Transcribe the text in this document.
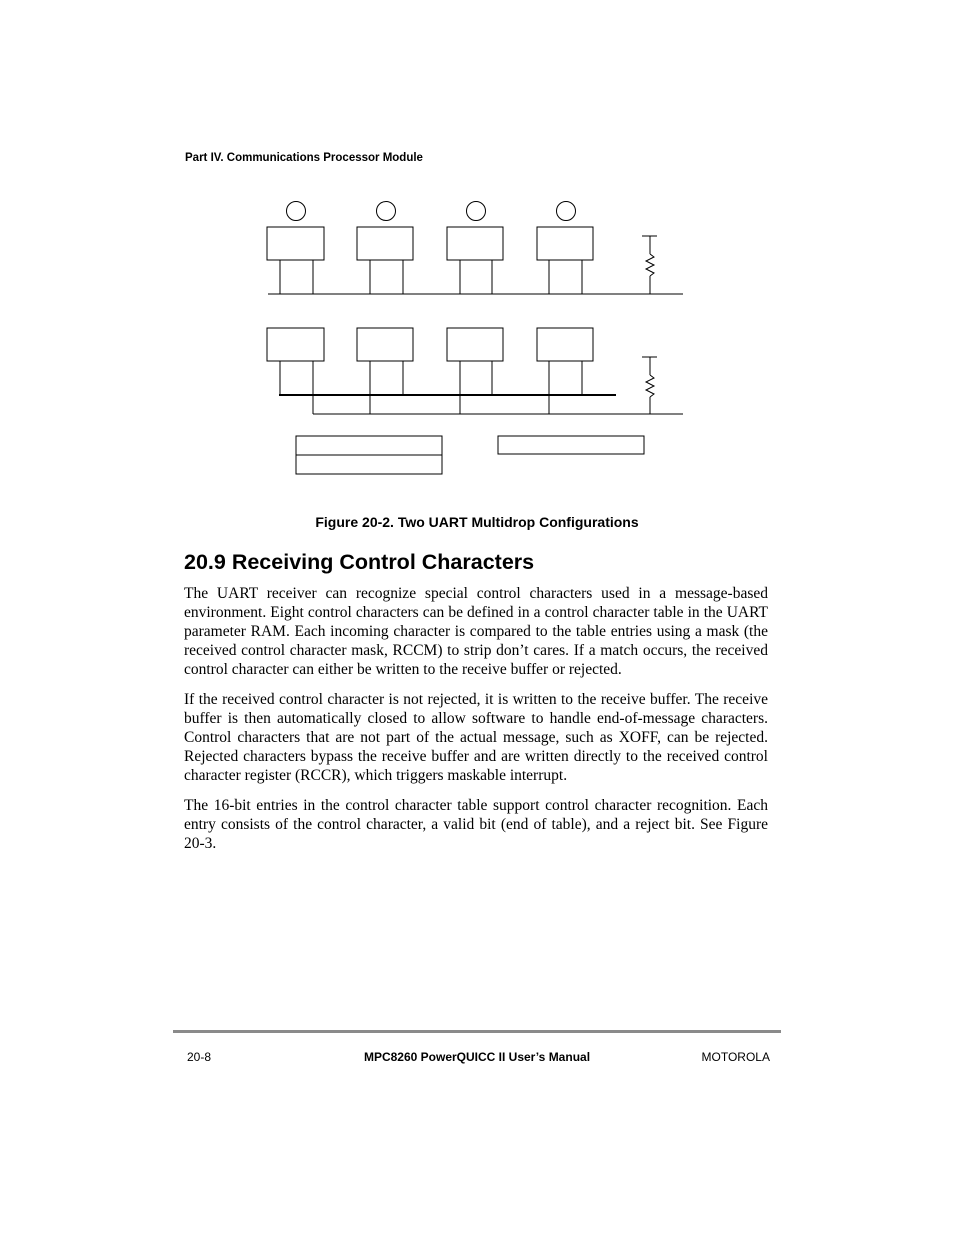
Part IV. Communications Processor Module
Figure 20-2. Two UART Multidrop Configurations
20.9 Receiving Control Characters

The UART receiver can recognize special control characters used in a message-based environment. Eight control characters can be defined in a control character table in the UART parameter RAM. Each incoming character is compared to the table entries using a mask (the received control character mask, RCCM) to strip don’t cares. If a match occurs, the received control character can either be written to the receive buffer or rejected.

If the received control character is not rejected, it is written to the receive buffer. The receive buffer is then automatically closed to allow software to handle end-of-message characters. Control characters that are not part of the actual message, such as XOFF, can be rejected. Rejected characters bypass the receive buffer and are written directly to the received control character register (RCCR), which triggers maskable interrupt.

The 16-bit entries in the control character table support control character recognition. Each entry consists of the control character, a valid bit (end of table), and a reject bit. See Figure 20-3.

20-8	MPC8260 PowerQUICC II User’s Manual	MOTOROLA
